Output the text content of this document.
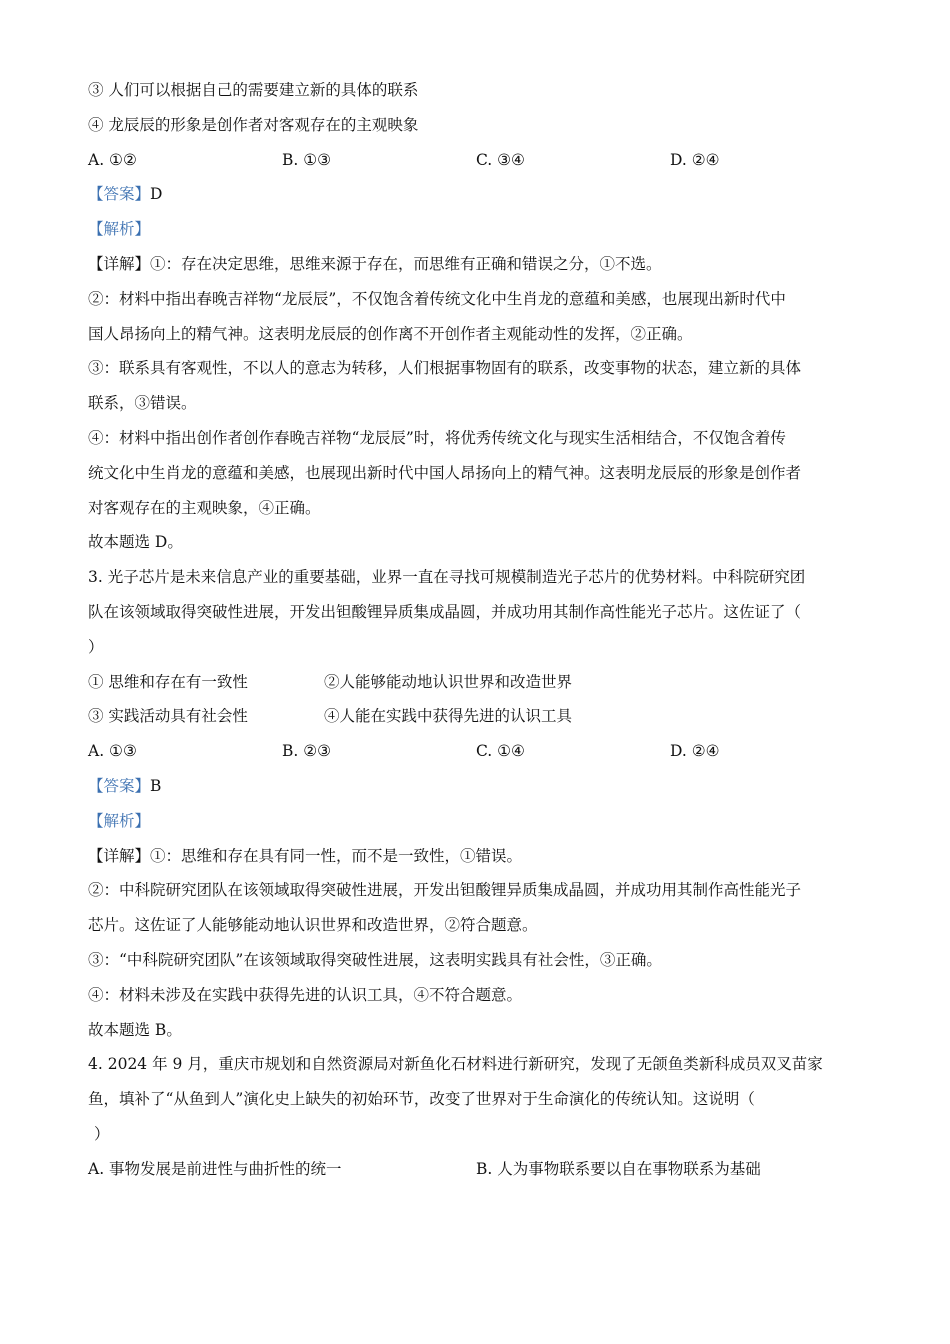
③ 人们可以根据自己的需要建立新的具体的联系
④ 龙辰辰的形象是创作者对客观存在的主观映象
A. ①②	B. ①③	C. ③④	D. ②④
【答案】D
【解析】
【详解】①：存在决定思维，思维来源于存在，而思维有正确和错误之分，①不选。
②：材料中指出春晚吉祥物“龙辰辰”，不仅饱含着传统文化中生肖龙的意蕴和美感，也展现出新时代中
国人昂扬向上的精气神。这表明龙辰辰的创作离不开创作者主观能动性的发挥，②正确。
③：联系具有客观性，不以人的意志为转移，人们根据事物固有的联系，改变事物的状态，建立新的具体
联系，③错误。
④：材料中指出创作者创作春晚吉祥物“龙辰辰”时，将优秀传统文化与现实生活相结合，不仅饱含着传
统文化中生肖龙的意蕴和美感，也展现出新时代中国人昂扬向上的精气神。这表明龙辰辰的形象是创作者
对客观存在的主观映象，④正确。
故本题选 D。
3. 光子芯片是未来信息产业的重要基础，业界一直在寻找可规模制造光子芯片的优势材料。中科院研究团
队在该领域取得突破性进展，开发出钽酸锂异质集成晶圆，并成功用其制作高性能光子芯片。这佐证了（
）
① 思维和存在有一致性	②人能够能动地认识世界和改造世界
③ 实践活动具有社会性	④人能在实践中获得先进的认识工具
A. ①③	B. ②③	C. ①④	D. ②④
【答案】B
【解析】
【详解】①：思维和存在具有同一性，而不是一致性，①错误。
②：中科院研究团队在该领域取得突破性进展，开发出钽酸锂异质集成晶圆，并成功用其制作高性能光子
芯片。这佐证了人能够能动地认识世界和改造世界，②符合题意。
③：“中科院研究团队”在该领域取得突破性进展，这表明实践具有社会性，③正确。
④：材料未涉及在实践中获得先进的认识工具，④不符合题意。
故本题选 B。
4. 2024 年 9 月，重庆市规划和自然资源局对新鱼化石材料进行新研究，发现了无颌鱼类新科成员双叉苗家
鱼，填补了“从鱼到人”演化史上缺失的初始环节，改变了世界对于生命演化的传统认知。这说明（
）
A. 事物发展是前进性与曲折性的统一	B. 人为事物联系要以自在事物联系为基础
